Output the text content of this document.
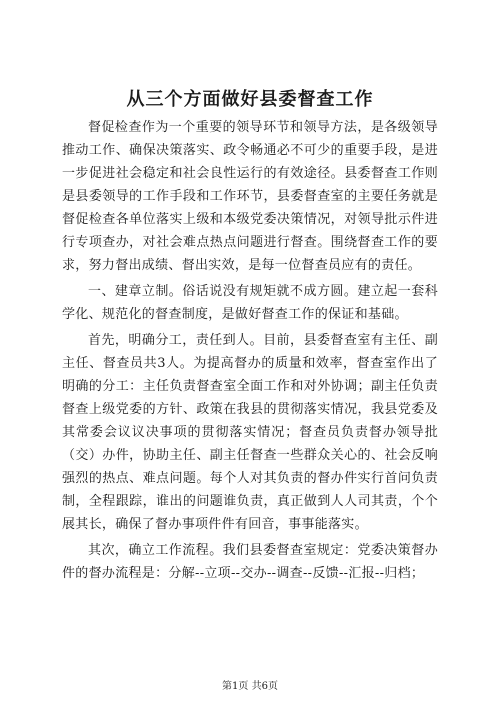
从三个方面做好县委督查工作

督促检查作为一个重要的领导环节和领导方法，是各级领导推动工作、确保决策落实、政令畅通必不可少的重要手段，是进一步促进社会稳定和社会良性运行的有效途径。县委督查工作则是县委领导的工作手段和工作环节，县委督查室的主要任务就是督促检查各单位落实上级和本级党委决策情况，对领导批示件进行专项查办，对社会难点热点问题进行督查。围绕督查工作的要求，努力督出成绩、督出实效，是每一位督查员应有的责任。

一、建章立制。俗话说没有规矩就不成方圆。建立起一套科学化、规范化的督查制度，是做好督查工作的保证和基础。

首先，明确分工，责任到人。目前，县委督查室有主任、副主任、督查员共3人。为提高督办的质量和效率，督查室作出了明确的分工：主任负责督查室全面工作和对外协调；副主任负责督查上级党委的方针、政策在我县的贯彻落实情况，我县党委及其常委会议议决事项的贯彻落实情况；督查员负责督办领导批（交）办件，协助主任、副主任督查一些群众关心的、社会反响强烈的热点、难点问题。每个人对其负责的督办件实行首问负责制，全程跟踪，谁出的问题谁负责，真正做到人人司其责，个个展其长，确保了督办事项件件有回音，事事能落实。

其次，确立工作流程。我们县委督查室规定：党委决策督办件的督办流程是：分解--立项--交办--调查--反馈--汇报--归档；

第1页 共6页
